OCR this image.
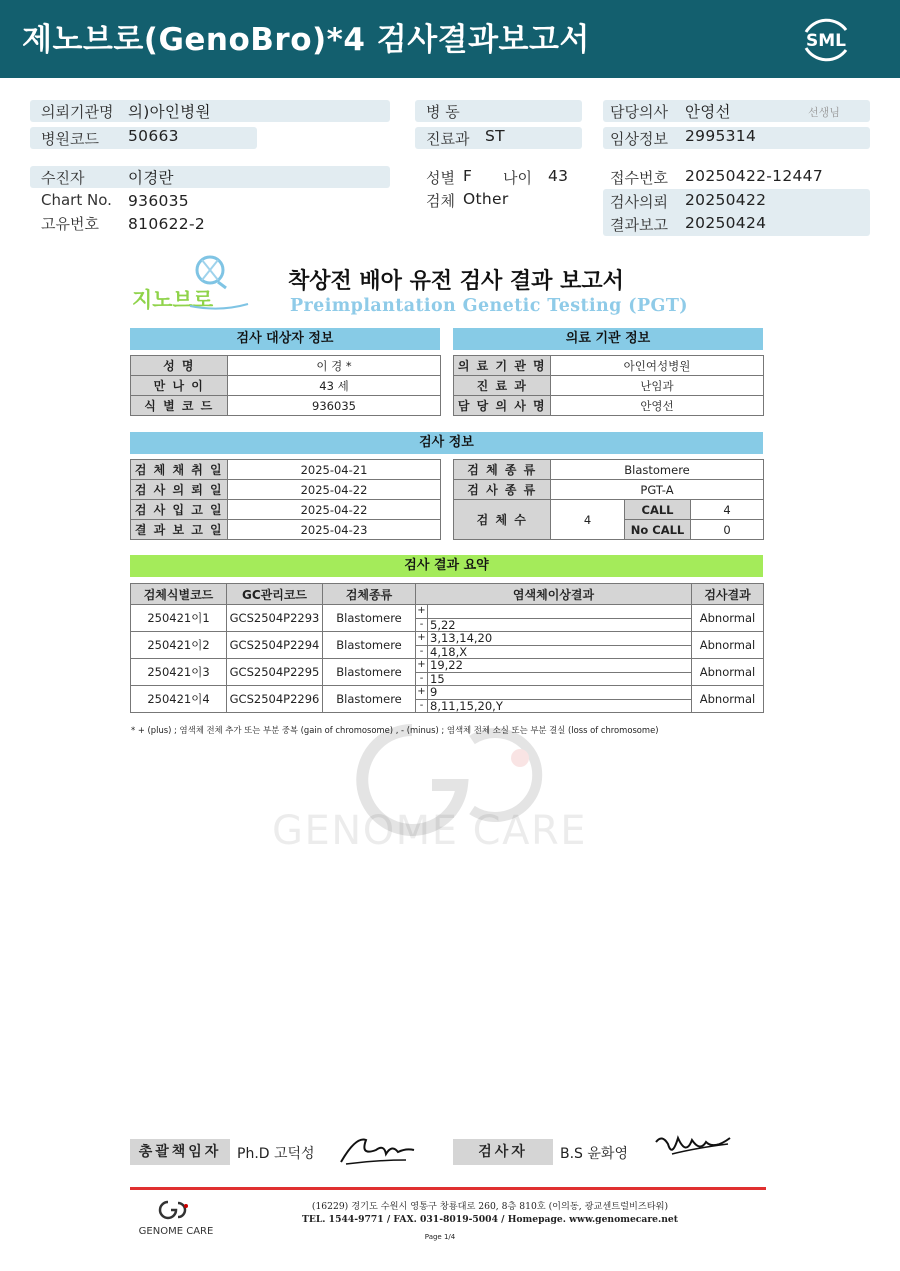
제노브로(GenoBro)*4 검사결과보고서	SML
의뢰기관명 의)아인병원
병원코드 50663
병 동
진료과 ST
담당의사 안영선	선생님
임상정보 2995314
수진자	이경란
Chart No. 936035
고유번호 810622-2
성별 F 나이 43
검체 Other
접수번호 20250422-12447
검사의뢰 20250422
결과보고 20250424
지노브로
착상전 배아 유전 검사 결과 보고서
Preimplantation Genetic Testing (PGT)
검사 대상자 정보	의료 기관 정보
성 명	이 경 *
만 나 이	43 세
식 별 코 드	936035
의 료 기 관 명	아인여성병원
진 료 과	난임과
담 당 의 사 명	안영선
검사 정보
검 체 채 취 일	2025-04-21
검 사 의 뢰 일	2025-04-22
검 사 입 고 일	2025-04-22
결 과 보 고 일	2025-04-23
검 체 종 류	Blastomere		
검 사 종 류	PGT-A		
검 체 수	4	CALL	4
		No CALL	0
검사 결과 요약
검체식별코드	GC관리코드	검체종류	염색체이상결과		검사결과
250421이1	GCS2504P2293	Blastomere	+		Abnormal
			-	5,22	
250421이2	GCS2504P2294	Blastomere	+	3,13,14,20	Abnormal
			-	4,18,X	
250421이3	GCS2504P2295	Blastomere	+	19,22	Abnormal
			-	15	
250421이4	GCS2504P2296	Blastomere	+	9	Abnormal
			-	8,11,15,20,Y	
* + (plus) ; 염색체 전체 추가 또는 부분 중복 (gain of chromosome) , - (minus) ; 염색체 전체 소실 또는 부분 결실 (loss of chromosome)
GENOME CARE
총괄책임자	Ph.D 고덕성	검사자	B.S 윤화영
GENOME CARE
(16229) 경기도 수원시 영통구 창룡대로 260, 8층 810호 (이의동, 광교센트럴비즈타워)
TEL. 1544-9771 / FAX. 031-8019-5004 / Homepage. www.genomecare.net
Page 1/4
